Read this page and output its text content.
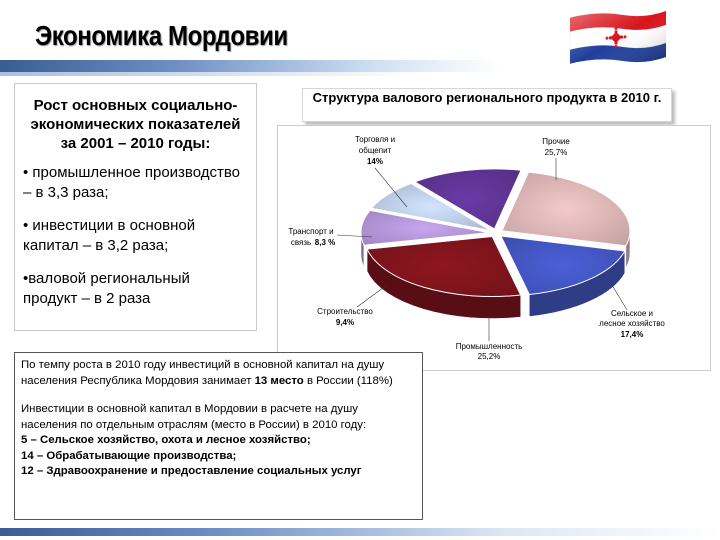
Экономика Мордовии
Рост основных социально-экономических показателей за 2001 – 2010 годы:

• промышленное производство – в 3,3 раза;

• инвестиции в основной капитал – в 3,2 раза;

•валовой региональный продукт – в 2 раза

Структура валового регионального продукта в 2010 г.
Прочие
25,7%
Сельское и
лесное хозяйство
17,4%
Промышленность
25,2%
Строительство
9,4%
Транспорт и
связь 8,3 %
Торговля и
общепит
14%

По темпу роста в 2010 году инвестиций в основной капитал на душу населения Республика Мордовия занимает 13 место в России (118%)

Инвестиции в основной капитал в Мордовии в расчете на душу населения по отдельным отраслям (место в России) в 2010 году:
5 – Сельское хозяйство, охота и лесное хозяйство;
14 – Обрабатывающие производства;
12 – Здравоохранение и предоставление социальных услуг
